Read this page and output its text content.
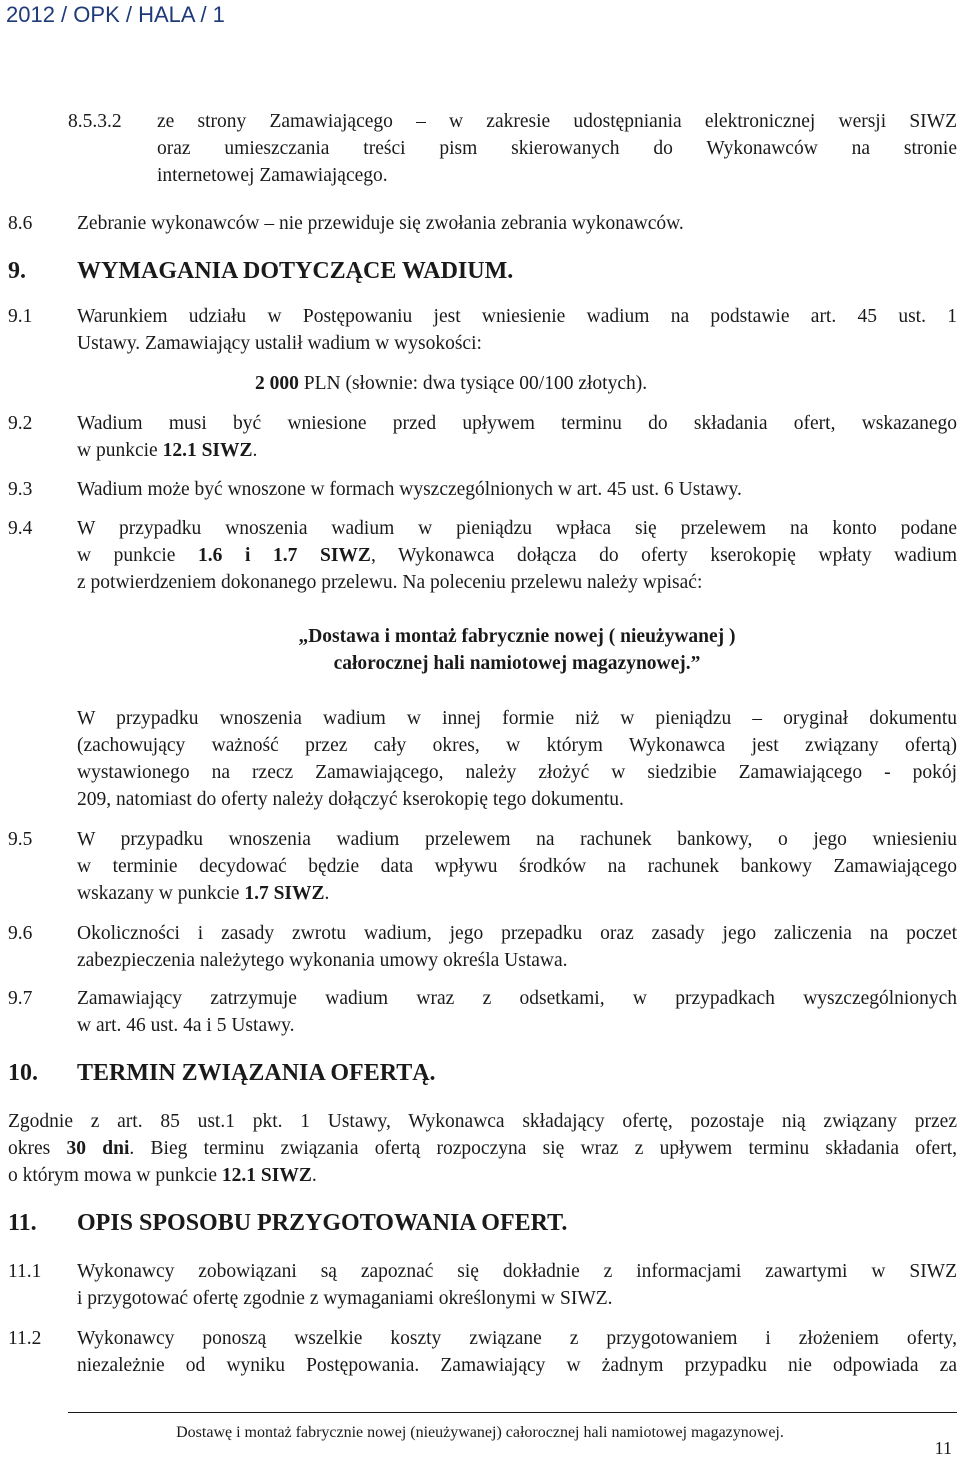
2012 / OPK / HALA / 1
8.5.3.2 ze strony Zamawiającego – w zakresie udostępniania elektronicznej wersji SIWZ
oraz umieszczania treści pism skierowanych do Wykonawców na stronie
internetowej Zamawiającego.
8.6 Zebranie wykonawców – nie przewiduje się zwołania zebrania wykonawców.
9. WYMAGANIA DOTYCZĄCE WADIUM.
9.1 Warunkiem udziału w Postępowaniu jest wniesienie wadium na podstawie art. 45 ust. 1
Ustawy. Zamawiający ustalił wadium w wysokości:
2 000 PLN (słownie: dwa tysiące 00/100 złotych).
9.2 Wadium musi być wniesione przed upływem terminu do składania ofert, wskazanego
w punkcie 12.1 SIWZ.
9.3 Wadium może być wnoszone w formach wyszczególnionych w art. 45 ust. 6 Ustawy.
9.4 W przypadku wnoszenia wadium w pieniądzu wpłaca się przelewem na konto podane
w punkcie 1.6 i 1.7 SIWZ, Wykonawca dołącza do oferty kserokopię wpłaty wadium
z potwierdzeniem dokonanego przelewu. Na poleceniu przelewu należy wpisać:
„Dostawa i montaż fabrycznie nowej ( nieużywanej )
całorocznej hali namiotowej magazynowej.”
W przypadku wnoszenia wadium w innej formie niż w pieniądzu – oryginał dokumentu
(zachowujący ważność przez cały okres, w którym Wykonawca jest związany ofertą)
wystawionego na rzecz Zamawiającego, należy złożyć w siedzibie Zamawiającego - pokój
209, natomiast do oferty należy dołączyć kserokopię tego dokumentu.
9.5 W przypadku wnoszenia wadium przelewem na rachunek bankowy, o jego wniesieniu
w terminie decydować będzie data wpływu środków na rachunek bankowy Zamawiającego
wskazany w punkcie 1.7 SIWZ.
9.6 Okoliczności i zasady zwrotu wadium, jego przepadku oraz zasady jego zaliczenia na poczet
zabezpieczenia należytego wykonania umowy określa Ustawa.
9.7 Zamawiający zatrzymuje wadium wraz z odsetkami, w przypadkach wyszczególnionych
w art. 46 ust. 4a i 5 Ustawy.
10. TERMIN ZWIĄZANIA OFERTĄ.
Zgodnie z art. 85 ust.1 pkt. 1 Ustawy, Wykonawca składający ofertę, pozostaje nią związany przez
okres 30 dni. Bieg terminu związania ofertą rozpoczyna się wraz z upływem terminu składania ofert,
o którym mowa w punkcie 12.1 SIWZ.
11. OPIS SPOSOBU PRZYGOTOWANIA OFERT.
11.1 Wykonawcy zobowiązani są zapoznać się dokładnie z informacjami zawartymi w SIWZ
i przygotować ofertę zgodnie z wymaganiami określonymi w SIWZ.
11.2 Wykonawcy ponoszą wszelkie koszty związane z przygotowaniem i złożeniem oferty,
niezależnie od wyniku Postępowania. Zamawiający w żadnym przypadku nie odpowiada za
Dostawę i montaż fabrycznie nowej (nieużywanej) całorocznej hali namiotowej magazynowej.
11
